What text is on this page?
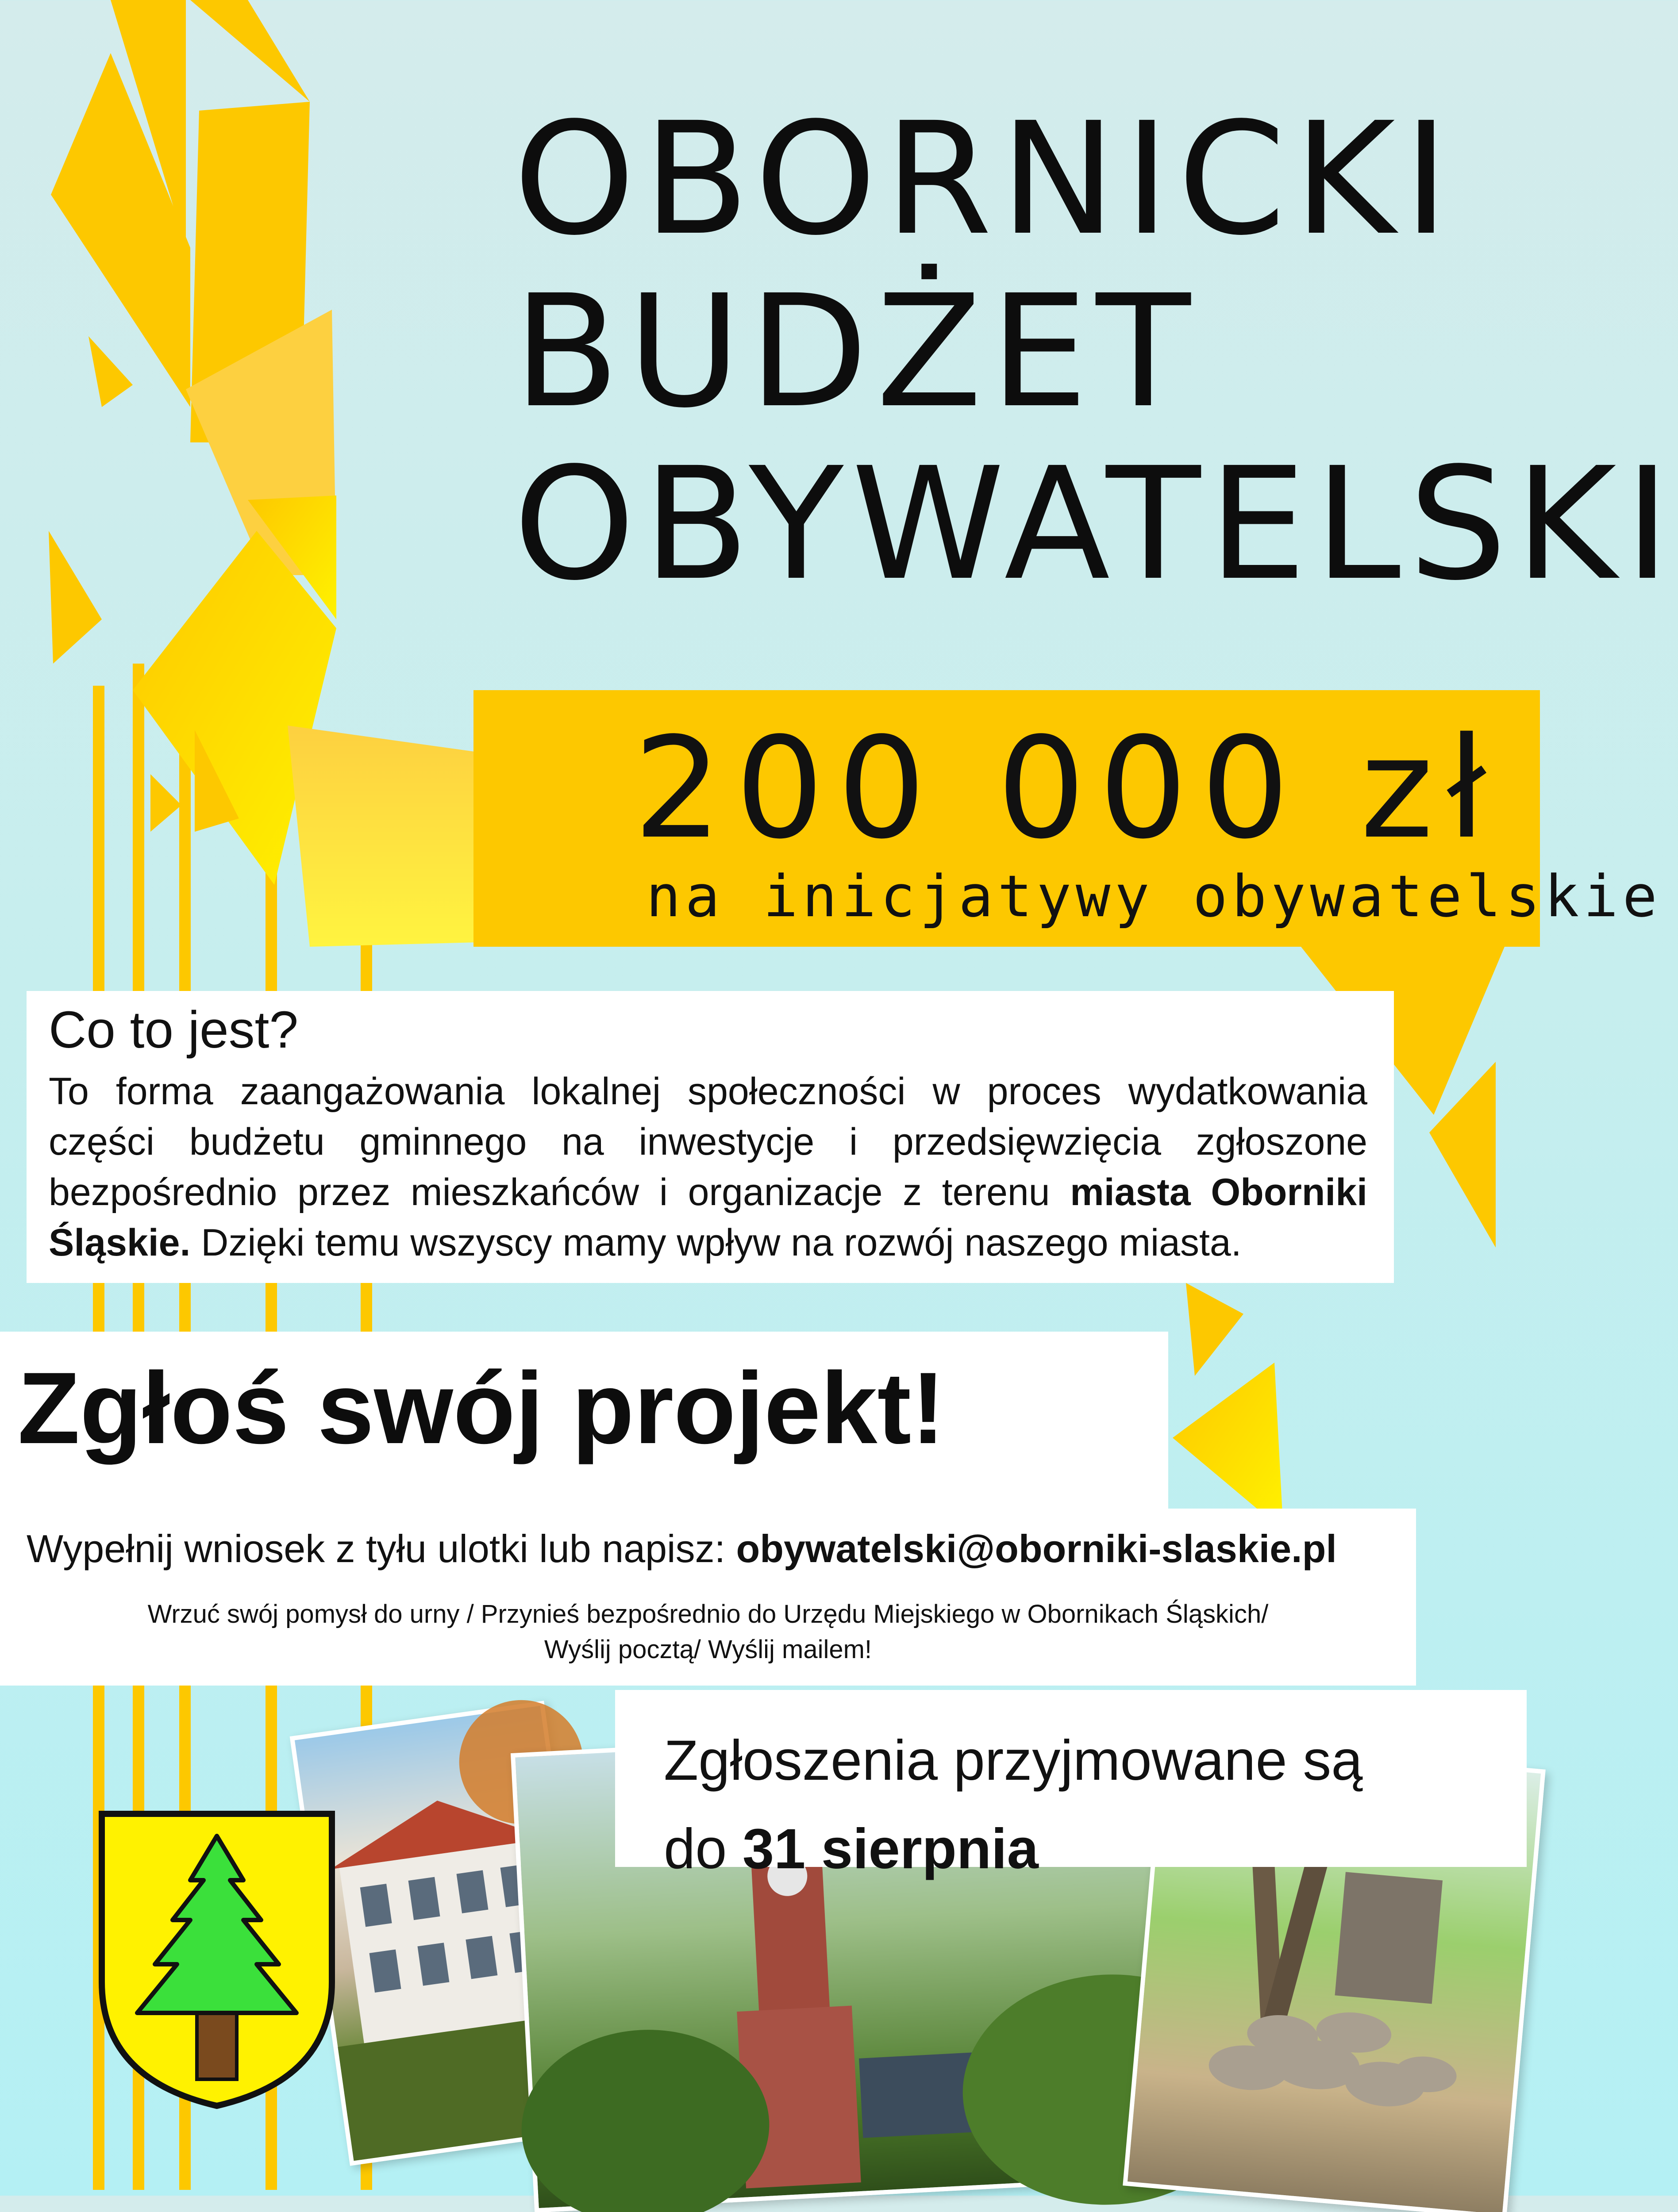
OBORNICKI
BUDŻET
OBYWATELSKI
200 000 zł
na inicjatywy obywatelskie
Co to jest?
To forma zaangażowania lokalnej społeczności w proces wydatkowania części budżetu gminnego na inwestycje i przedsięwzięcia zgłoszone bezpośrednio przez mieszkańców i organizacje z terenu miasta Oborniki Śląskie. Dzięki temu wszyscy mamy wpływ na rozwój naszego miasta.
Zgłoś swój projekt!
Wypełnij wniosek z tyłu ulotki lub napisz: obywatelski@oborniki-slaskie.pl
Wrzuć swój pomysł do urny / Przynieś bezpośrednio do Urzędu Miejskiego w Obornikach Śląskich/
Wyślij pocztą/ Wyślij mailem!
Zgłoszenia przyjmowane są
do 31 sierpnia
